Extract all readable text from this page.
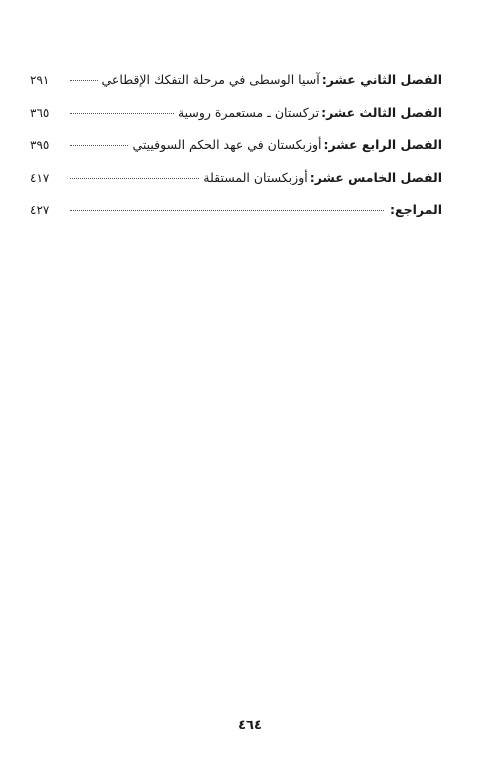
الفصل الثاني عشر:
آسيا الوسطى في مرحلة التفكك الإقطاعي
٢٩١
الفصل الثالث عشر:
تركستان ـ مستعمرة روسية
٣٦٥
الفصل الرابع عشر:
أوزبكستان في عهد الحكم السوفييتي
٣٩٥
الفصل الخامس عشر:
أوزبكستان المستقلة
٤١٧
المراجع:
٤٢٧
٤٦٤
